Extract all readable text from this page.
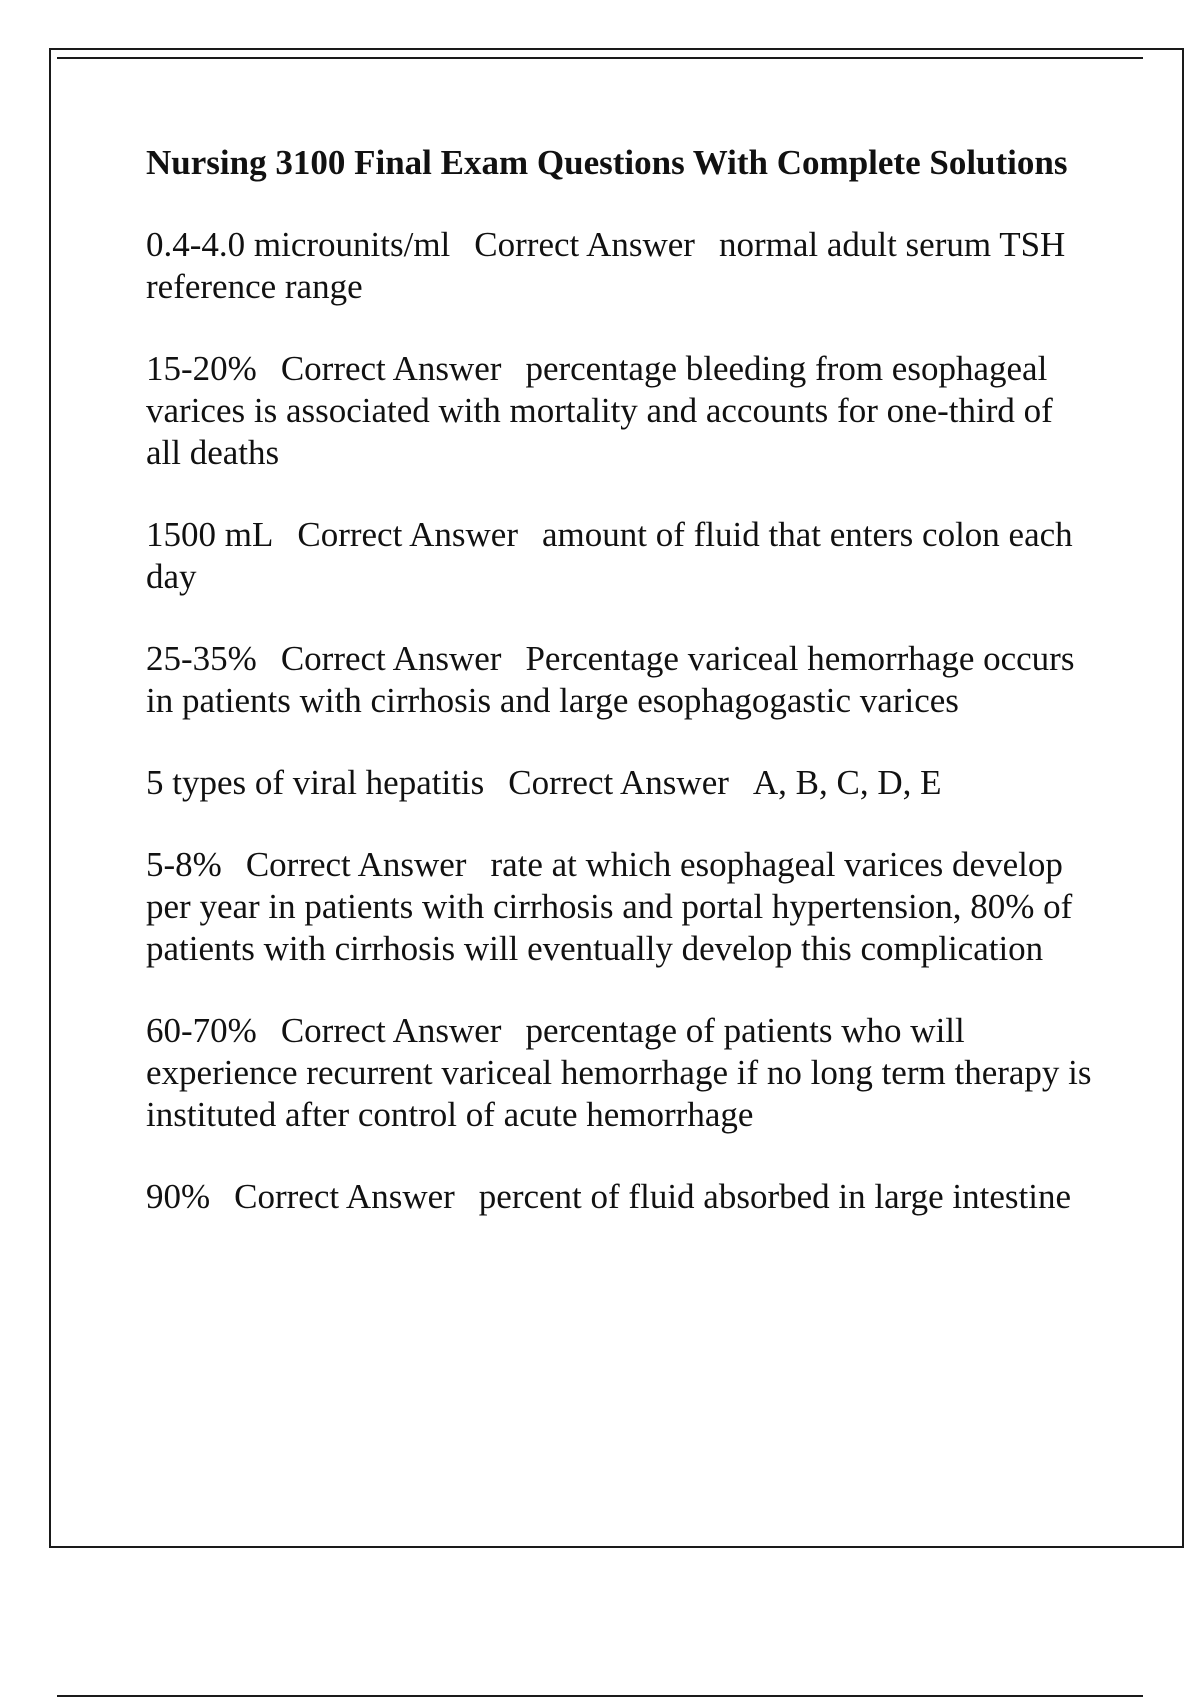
Nursing 3100 Final Exam Questions With Complete Solutions

0.4-4.0 microunits/ml Correct Answer normal adult serum TSH reference range

15-20% Correct Answer percentage bleeding from esophageal varices is associated with mortality and accounts for one-third of all deaths

1500 mL Correct Answer amount of fluid that enters colon each day

25-35% Correct Answer Percentage variceal hemorrhage occurs in patients with cirrhosis and large esophagogastic varices

5 types of viral hepatitis Correct Answer A, B, C, D, E

5-8% Correct Answer rate at which esophageal varices develop per year in patients with cirrhosis and portal hypertension, 80% of patients with cirrhosis will eventually develop this complication

60-70% Correct Answer percentage of patients who will experience recurrent variceal hemorrhage if no long term therapy is instituted after control of acute hemorrhage

90% Correct Answer percent of fluid absorbed in large intestine
